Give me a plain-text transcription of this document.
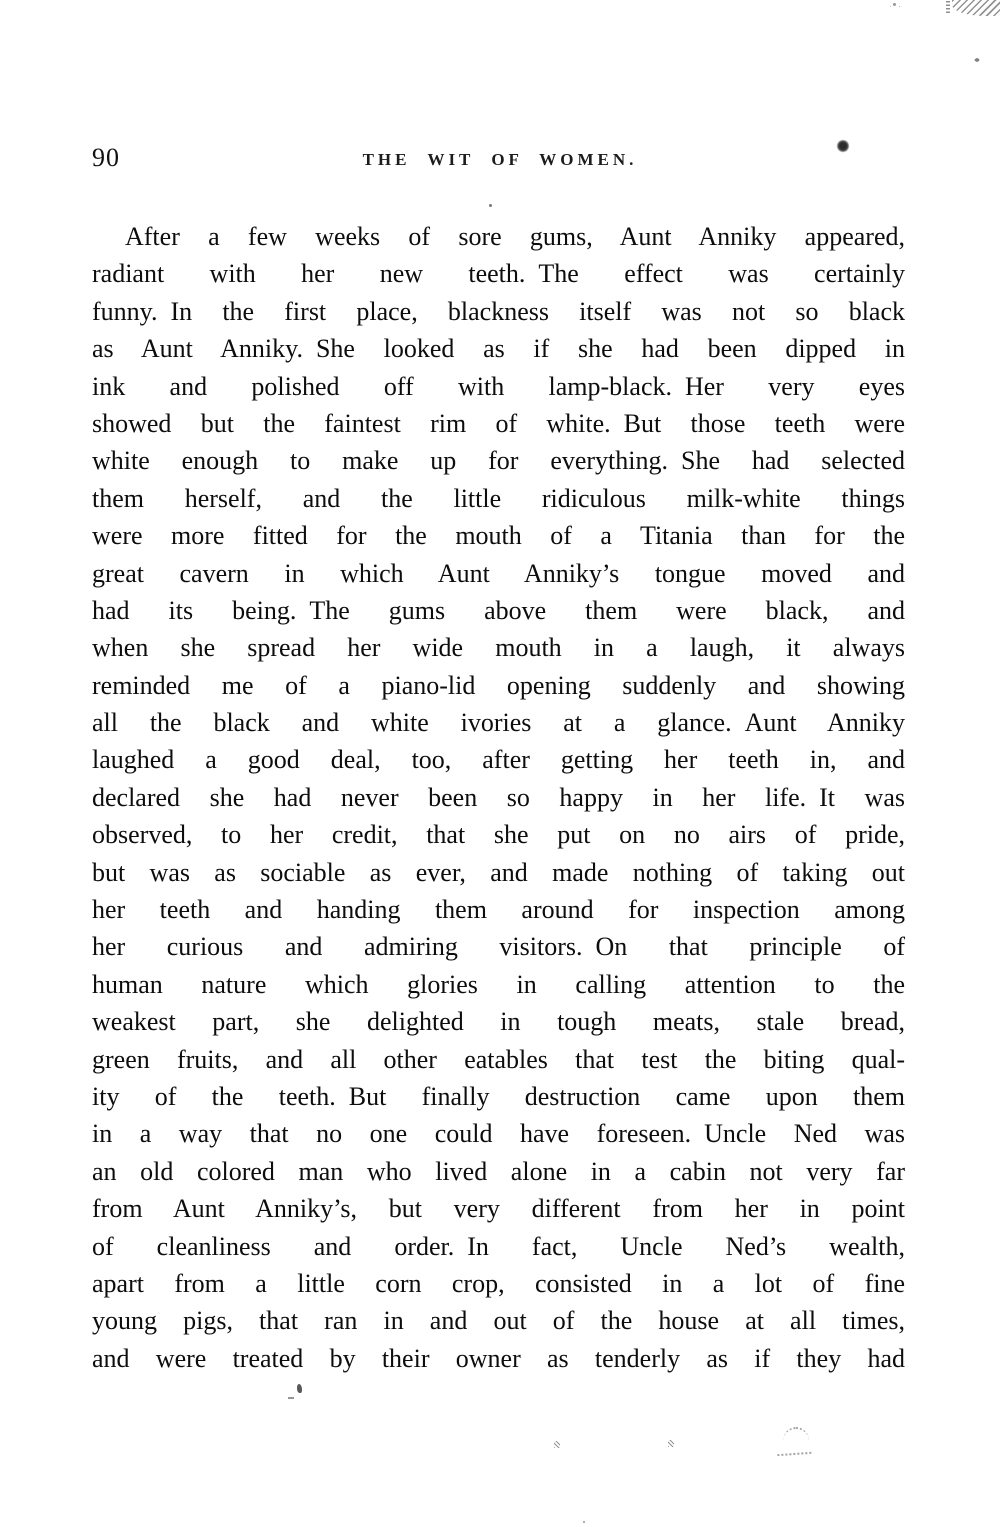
90	THE WIT OF WOMEN.
After a few weeks of sore gums, Aunt Anniky appeared,
radiant with her new teeth. The effect was certainly
funny. In the first place, blackness itself was not so black
as Aunt Anniky. She looked as if she had been dipped in
ink and polished off with lamp-black. Her very eyes
showed but the faintest rim of white. But those teeth were
white enough to make up for everything. She had selected
them herself, and the little ridiculous milk-white things
were more fitted for the mouth of a Titania than for the
great cavern in which Aunt Anniky’s tongue moved and
had its being. The gums above them were black, and
when she spread her wide mouth in a laugh, it always
reminded me of a piano-lid opening suddenly and showing
all the black and white ivories at a glance. Aunt Anniky
laughed a good deal, too, after getting her teeth in, and
declared she had never been so happy in her life. It was
observed, to her credit, that she put on no airs of pride,
but was as sociable as ever, and made nothing of taking out
her teeth and handing them around for inspection among
her curious and admiring visitors. On that principle of
human nature which glories in calling attention to the
weakest part, she delighted in tough meats, stale bread,
green fruits, and all other eatables that test the biting qual-
ity of the teeth. But finally destruction came upon them
in a way that no one could have foreseen. Uncle Ned was
an old colored man who lived alone in a cabin not very far
from Aunt Anniky’s, but very different from her in point
of cleanliness and order. In fact, Uncle Ned’s wealth,
apart from a little corn crop, consisted in a lot of fine
young pigs, that ran in and out of the house at all times,
and were treated by their owner as tenderly as if they had
